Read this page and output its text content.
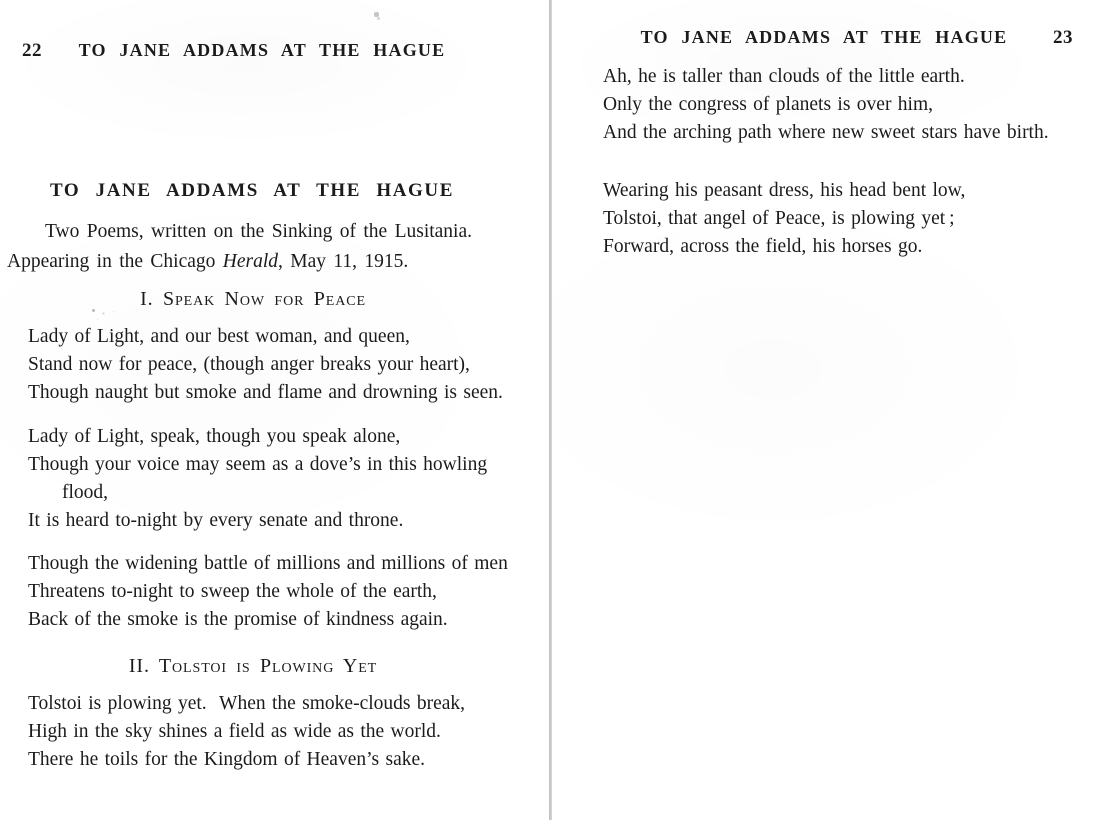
22	TO JANE ADDAMS AT THE HAGUE
TO JANE ADDAMS AT THE HAGUE
Two Poems, written on the Sinking of the Lusitania.
Appearing in the Chicago Herald, May 11, 1915.
I. Speak Now for Peace
Lady of Light, and our best woman, and queen,
Stand now for peace, (though anger breaks your heart),
Though naught but smoke and flame and drowning is seen.
Lady of Light, speak, though you speak alone,
Though your voice may seem as a dove’s in this howling
flood,
It is heard to-night by every senate and throne.
Though the widening battle of millions and millions of men
Threatens to-night to sweep the whole of the earth,
Back of the smoke is the promise of kindness again.
II. Tolstoi is Plowing Yet
Tolstoi is plowing yet.  When the smoke-clouds break,
High in the sky shines a field as wide as the world.
There he toils for the Kingdom of Heaven’s sake.
TO JANE ADDAMS AT THE HAGUE	23
Ah, he is taller than clouds of the little earth.
Only the congress of planets is over him,
And the arching path where new sweet stars have birth.
Wearing his peasant dress, his head bent low,
Tolstoi, that angel of Peace, is plowing yet ;
Forward, across the field, his horses go.
